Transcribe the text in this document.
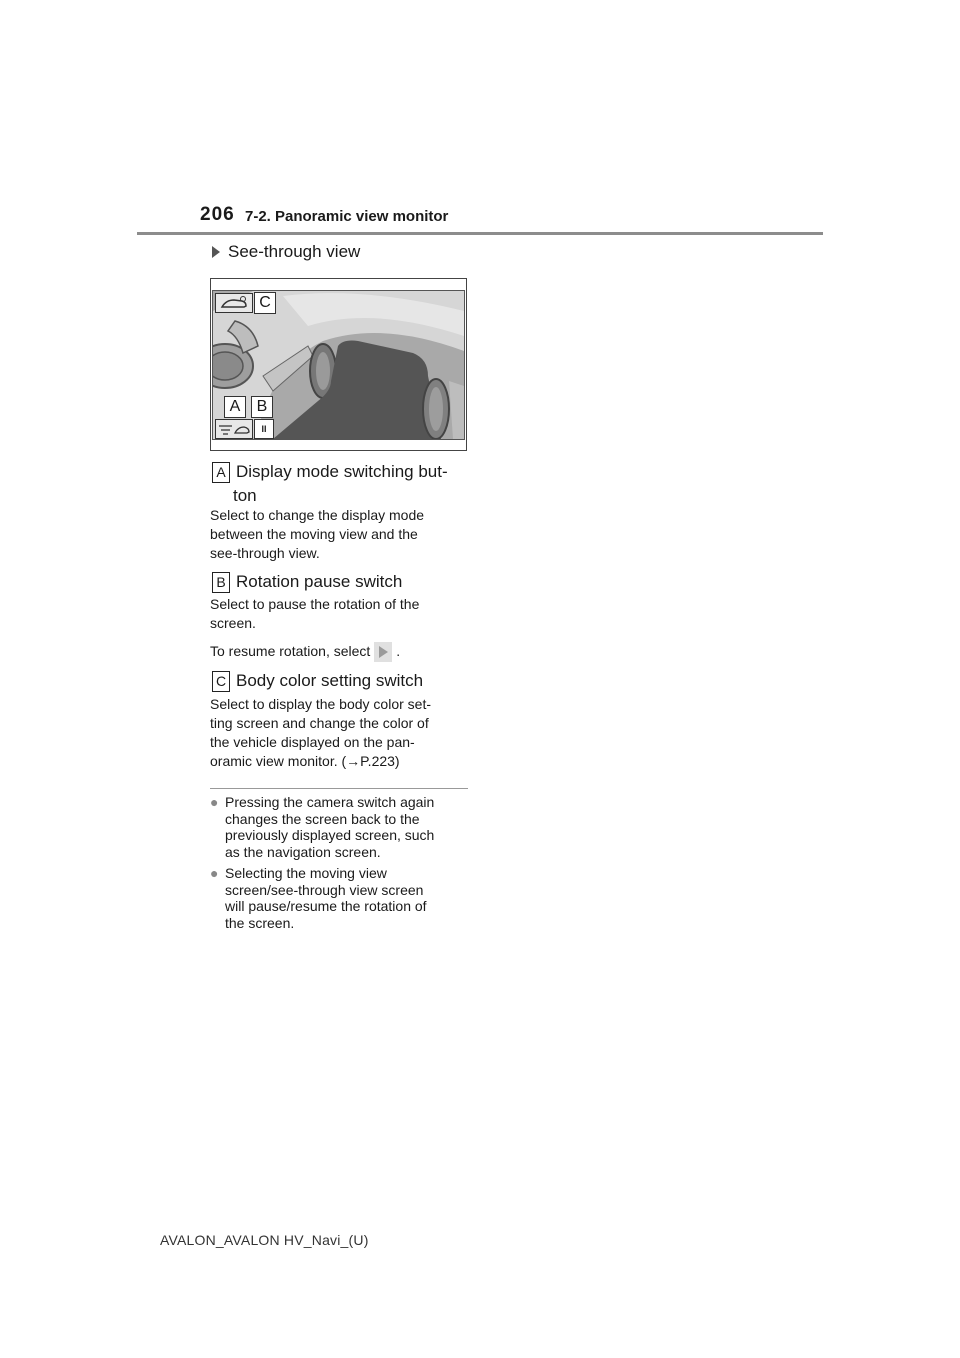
206 7-2. Panoramic view monitor
See-through view
C
A	B
II
A Display mode switching but-
ton
Select to change the display mode
between the moving view and the
see-through view.
B Rotation pause switch
Select to pause the rotation of the
screen.
To resume rotation, select .
C Body color setting switch
Select to display the body color set-
ting screen and change the color of
the vehicle displayed on the pan-
oramic view monitor. (→P.223)
● Pressing the camera switch again
changes the screen back to the
previously displayed screen, such
as the navigation screen.
● Selecting the moving view
screen/see-through view screen
will pause/resume the rotation of
the screen.
AVALON_AVALON HV_Navi_(U)
